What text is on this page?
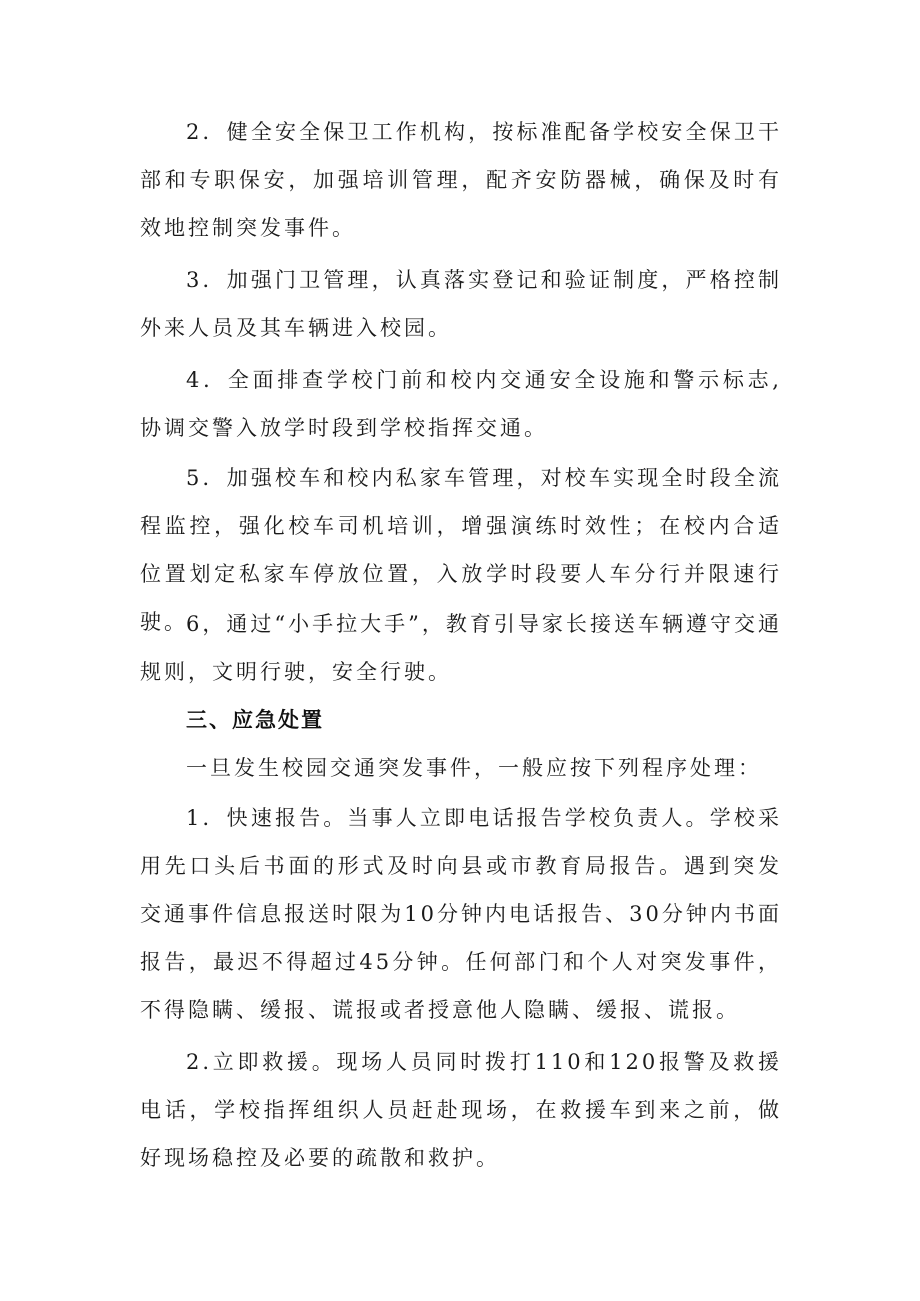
2．健全安全保卫工作机构，按标准配备学校安全保卫干部和专职保安，加强培训管理，配齐安防器械，确保及时有效地控制突发事件。

3．加强门卫管理，认真落实登记和验证制度，严格控制外来人员及其车辆进入校园。

4．全面排查学校门前和校内交通安全设施和警示标志,协调交警入放学时段到学校指挥交通。

5．加强校车和校内私家车管理，对校车实现全时段全流程监控，强化校车司机培训，增强演练时效性；在校内合适位置划定私家车停放位置，入放学时段要人车分行并限速行驶。

6，通过“小手拉大手”，教育引导家长接送车辆遵守交通规则，文明行驶，安全行驶。

三、应急处置

一旦发生校园交通突发事件，一般应按下列程序处理：

1．快速报告。当事人立即电话报告学校负责人。学校采用先口头后书面的形式及时向县或市教育局报告。遇到突发交通事件信息报送时限为10分钟内电话报告、30分钟内书面报告，最迟不得超过45分钟。任何部门和个人对突发事件，不得隐瞒、缓报、谎报或者授意他人隐瞒、缓报、谎报。

2.立即救援。现场人员同时拨打110和120报警及救援电话，学校指挥组织人员赶赴现场，在救援车到来之前，做好现场稳控及必要的疏散和救护。
